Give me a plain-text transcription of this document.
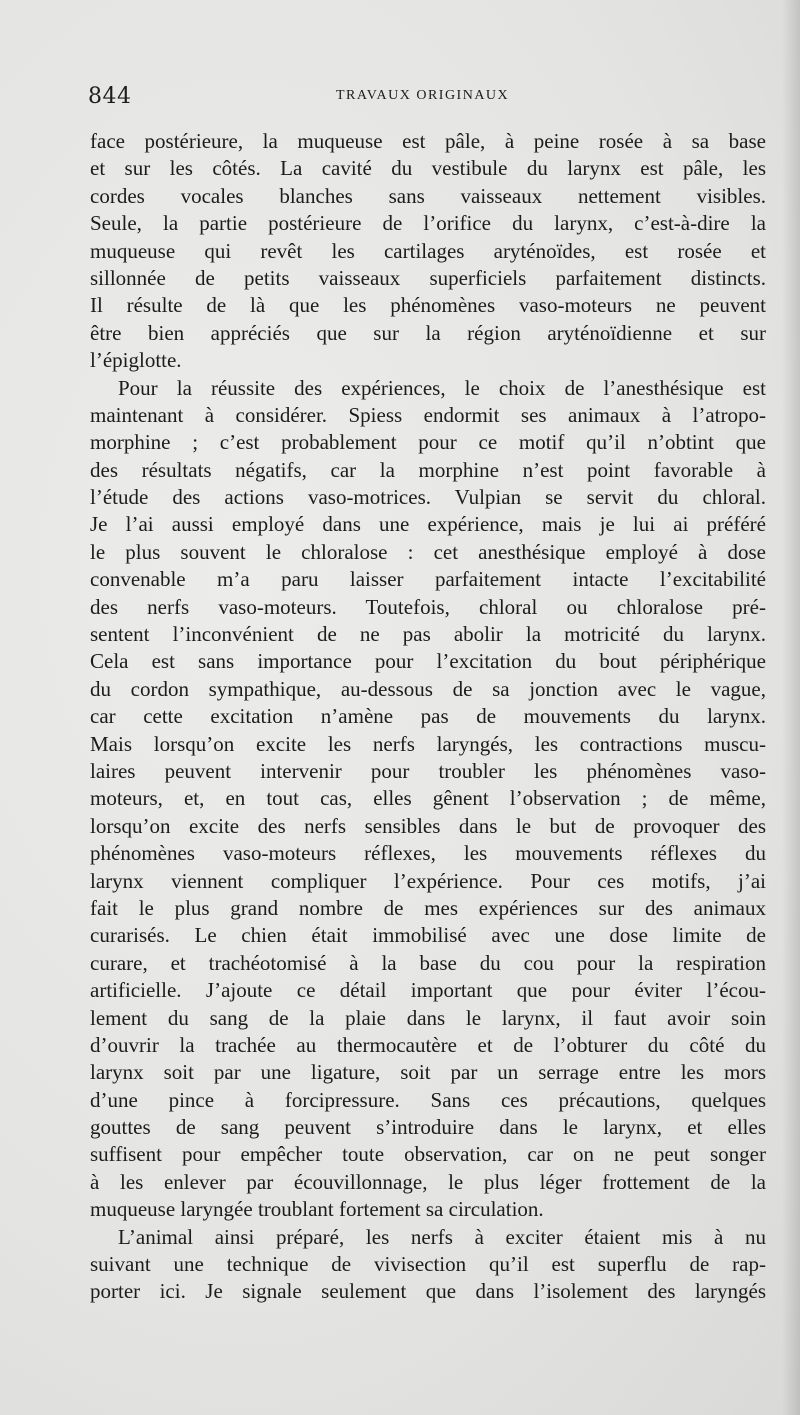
844	TRAVAUX ORIGINAUX
face postérieure, la muqueuse est pâle, à peine rosée à sa base
et sur les côtés. La cavité du vestibule du larynx est pâle, les
cordes vocales blanches sans vaisseaux nettement visibles.
Seule, la partie postérieure de l’orifice du larynx, c’est-à-dire la
muqueuse qui revêt les cartilages aryténoïdes, est rosée et
sillonnée de petits vaisseaux superficiels parfaitement distincts.
Il résulte de là que les phénomènes vaso-moteurs ne peuvent
être bien appréciés que sur la région aryténoïdienne et sur
l’épiglotte.
Pour la réussite des expériences, le choix de l’anesthésique est
maintenant à considérer. Spiess endormit ses animaux à l’atropo-
morphine ; c’est probablement pour ce motif qu’il n’obtint que
des résultats négatifs, car la morphine n’est point favorable à
l’étude des actions vaso-motrices. Vulpian se servit du chloral.
Je l’ai aussi employé dans une expérience, mais je lui ai préféré
le plus souvent le chloralose : cet anesthésique employé à dose
convenable m’a paru laisser parfaitement intacte l’excitabilité
des nerfs vaso-moteurs. Toutefois, chloral ou chloralose pré-
sentent l’inconvénient de ne pas abolir la motricité du larynx.
Cela est sans importance pour l’excitation du bout périphérique
du cordon sympathique, au-dessous de sa jonction avec le vague,
car cette excitation n’amène pas de mouvements du larynx.
Mais lorsqu’on excite les nerfs laryngés, les contractions muscu-
laires peuvent intervenir pour troubler les phénomènes vaso-
moteurs, et, en tout cas, elles gênent l’observation ; de même,
lorsqu’on excite des nerfs sensibles dans le but de provoquer des
phénomènes vaso-moteurs réflexes, les mouvements réflexes du
larynx viennent compliquer l’expérience. Pour ces motifs, j’ai
fait le plus grand nombre de mes expériences sur des animaux
curarisés. Le chien était immobilisé avec une dose limite de
curare, et trachéotomisé à la base du cou pour la respiration
artificielle. J’ajoute ce détail important que pour éviter l’écou-
lement du sang de la plaie dans le larynx, il faut avoir soin
d’ouvrir la trachée au thermocautère et de l’obturer du côté du
larynx soit par une ligature, soit par un serrage entre les mors
d’une pince à forcipressure. Sans ces précautions, quelques
gouttes de sang peuvent s’introduire dans le larynx, et elles
suffisent pour empêcher toute observation, car on ne peut songer
à les enlever par écouvillonnage, le plus léger frottement de la
muqueuse laryngée troublant fortement sa circulation.
L’animal ainsi préparé, les nerfs à exciter étaient mis à nu
suivant une technique de vivisection qu’il est superflu de rap-
porter ici. Je signale seulement que dans l’isolement des laryngés
